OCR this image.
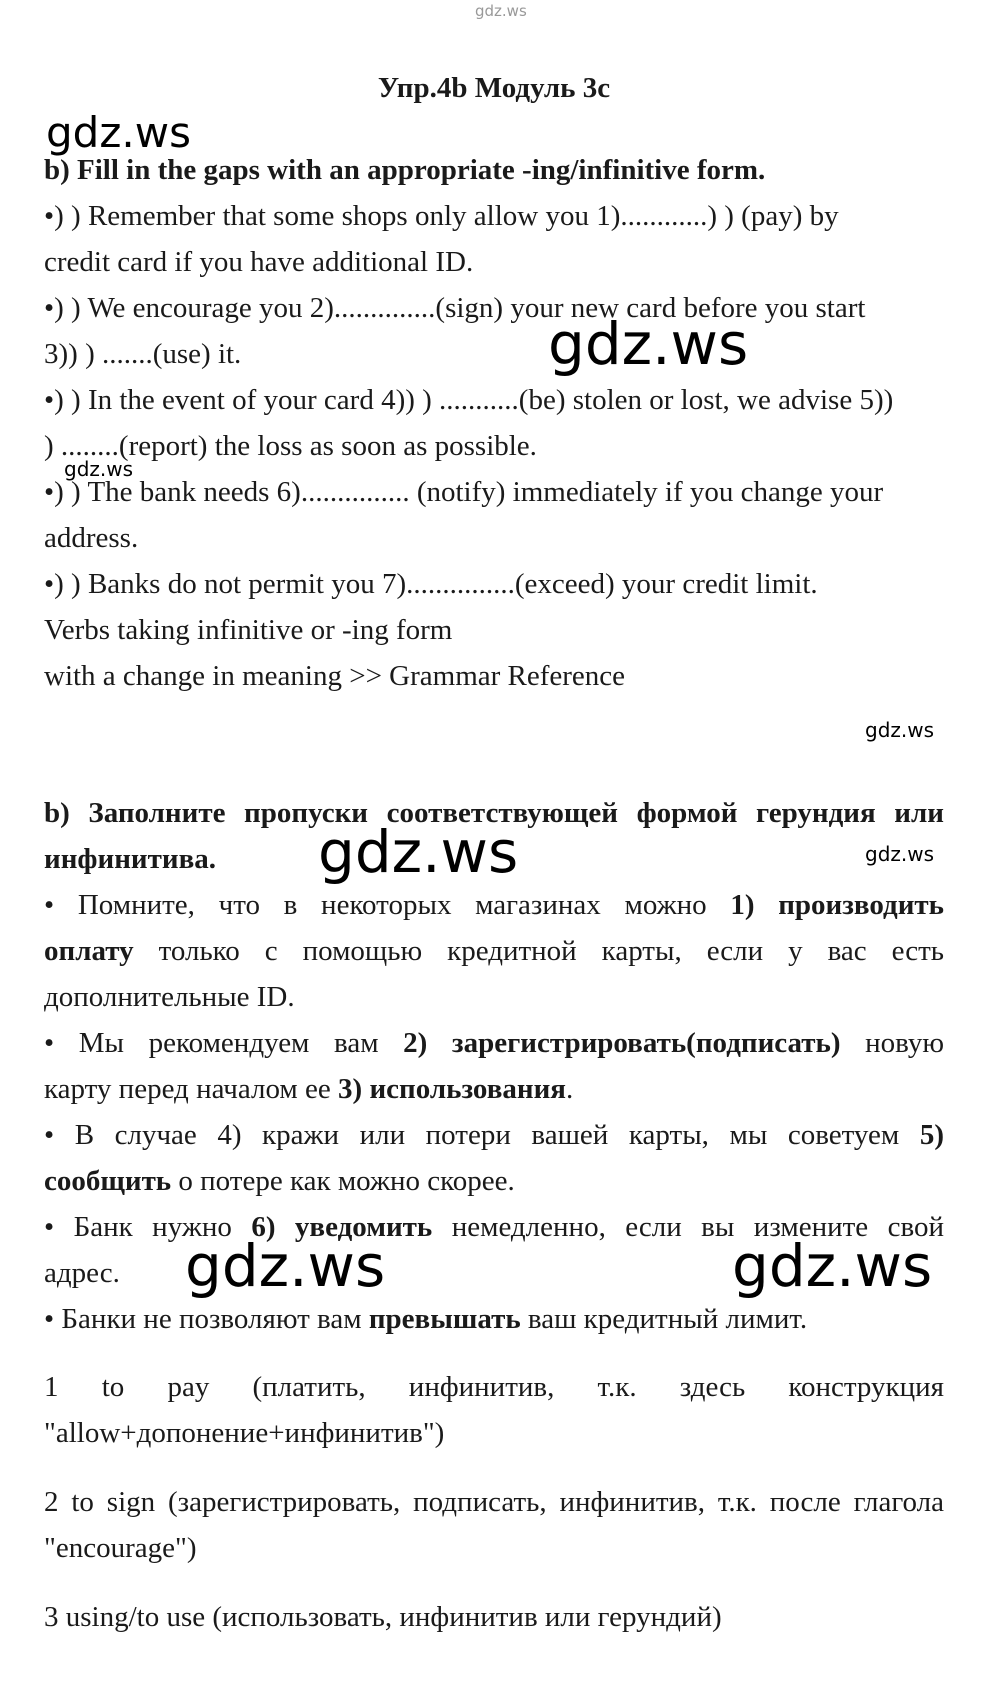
gdz.ws
gdz.ws
gdz.ws
gdz.ws
gdz.ws
gdz.ws	gdz.ws
gdz.ws	gdz.ws
Упр.4b Модуль 3с
b) Fill in the gaps with an appropriate -ing/infinitive form.
•) ) Remember that some shops only allow you 1)............) ) (pay) by
credit card if you have additional ID.
•) ) We encourage you 2)..............(sign) your new card before you start
3)) ) .......(use) it.
•) ) In the event of your card 4)) ) ...........(be) stolen or lost, we advise 5))
) ........(report) the loss as soon as possible.
•) ) The bank needs 6)............... (notify) immediately if you change your
address.
•) ) Banks do not permit you 7)...............(exceed) your credit limit.
Verbs taking infinitive or -ing form
with a change in meaning >> Grammar Reference
b) Заполните пропуски соответствующей формой герундия или
инфинитива.
• Помните, что в некоторых магазинах можно 1) производить
оплату только с помощью кредитной карты, если у вас есть
дополнительные ID.
• Мы рекомендуем вам 2) зарегистрировать(подписать) новую
карту перед началом ее 3) использования.
• В случае 4) кражи или потери вашей карты, мы советуем 5)
сообщить о потере как можно скорее.
• Банк нужно 6) уведомить немедленно, если вы измените свой
адрес.
• Банки не позволяют вам превышать ваш кредитный лимит.
1 to pay (платить, инфинитив, т.к. здесь конструкция
"allow+допонение+инфинитив")
2 to sign (зарегистрировать, подписать, инфинитив, т.к. после глагола
"encourage")
3 using/to use (использовать, инфинитив или герундий)
